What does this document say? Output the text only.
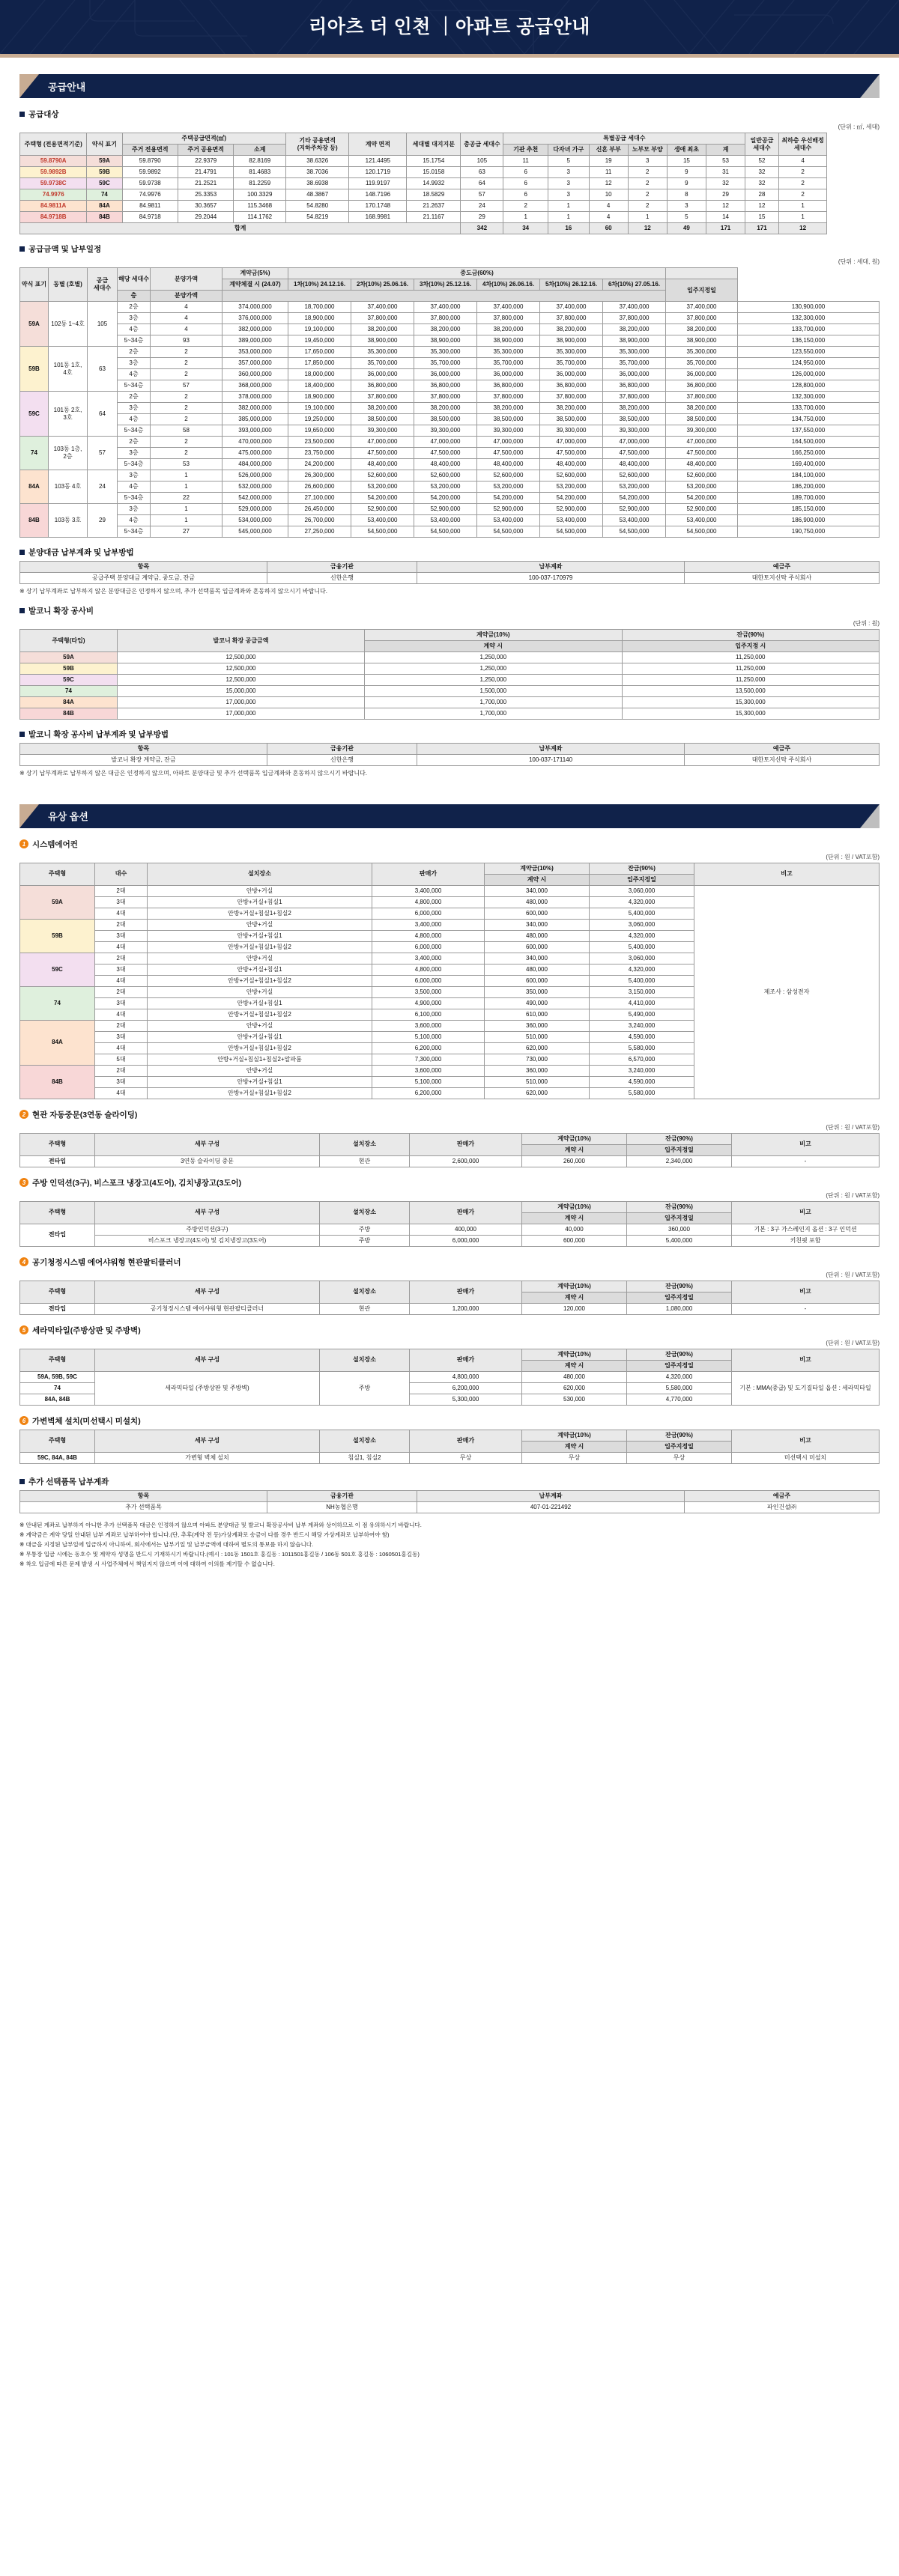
리아츠 더 인천 ｜아파트 공급안내
공급안내
공급대상
(단위 : ㎡, 세대)
주택형 (전용면적기준)	약식 표기	주택공급면적(㎡)			기타 공용면적 (지하주차장 등)	계약 면적	세대별 대지지분	총공급 세대수	특별공급 세대수						일반공급 세대수	최하층 우선배정 세대수
		주거 전용면적	주거 공용면적	소계					기관 추천	다자녀 가구	신혼 부부	노부모 부양	생애 최초	계		
59.8790A	59A	59.8790	22.9379	82.8169	38.6326	121.4495	15.1754	105	11	5	19	3	15	53	52	4
59.9892B	59B	59.9892	21.4791	81.4683	38.7036	120.1719	15.0158	63	6	3	11	2	9	31	32	2
59.9738C	59C	59.9738	21.2521	81.2259	38.6938	119.9197	14.9932	64	6	3	12	2	9	32	32	2
74.9976	74	74.9976	25.3353	100.3329	48.3867	148.7196	18.5829	57	6	3	10	2	8	29	28	2
84.9811A	84A	84.9811	30.3657	115.3468	54.8280	170.1748	21.2637	24	2	1	4	2	3	12	12	1
84.9718B	84B	84.9718	29.2044	114.1762	54.8219	168.9981	21.1167	29	1	1	4	1	5	14	15	1
합계								342	34	16	60	12	49	171	171	12
공급금액 및 납부일정
(단위 : 세대, 원)
약식 표기	동별 (호별)	공급 세대수	해당 세대수	분양가액	계약금(5%)	중도금(60%)							
					계약체결 시 (24.07)	1차(10%) 24.12.16.	2차(10%) 25.06.16.	3차(10%) 25.12.16.	4차(10%) 26.06.16.	5차(10%) 26.12.16.	6차(10%) 27.05.16.	입주지정일	
			층	분양가액									
59A	102동 1~4호	105	2층	4	374,000,000	18,700,000	37,400,000	37,400,000	37,400,000	37,400,000	37,400,000	37,400,000	130,900,000
			3층	4	376,000,000	18,900,000	37,800,000	37,800,000	37,800,000	37,800,000	37,800,000	37,800,000	132,300,000
			4층	4	382,000,000	19,100,000	38,200,000	38,200,000	38,200,000	38,200,000	38,200,000	38,200,000	133,700,000
			5~34층	93	389,000,000	19,450,000	38,900,000	38,900,000	38,900,000	38,900,000	38,900,000	38,900,000	136,150,000
59B	101동 1호, 4호	63	2층	2	353,000,000	17,650,000	35,300,000	35,300,000	35,300,000	35,300,000	35,300,000	35,300,000	123,550,000
			3층	2	357,000,000	17,850,000	35,700,000	35,700,000	35,700,000	35,700,000	35,700,000	35,700,000	124,950,000
			4층	2	360,000,000	18,000,000	36,000,000	36,000,000	36,000,000	36,000,000	36,000,000	36,000,000	126,000,000
			5~34층	57	368,000,000	18,400,000	36,800,000	36,800,000	36,800,000	36,800,000	36,800,000	36,800,000	128,800,000
59C	101동 2호, 3호	64	2층	2	378,000,000	18,900,000	37,800,000	37,800,000	37,800,000	37,800,000	37,800,000	37,800,000	132,300,000
			3층	2	382,000,000	19,100,000	38,200,000	38,200,000	38,200,000	38,200,000	38,200,000	38,200,000	133,700,000
			4층	2	385,000,000	19,250,000	38,500,000	38,500,000	38,500,000	38,500,000	38,500,000	38,500,000	134,750,000
			5~34층	58	393,000,000	19,650,000	39,300,000	39,300,000	39,300,000	39,300,000	39,300,000	39,300,000	137,550,000
74	103동 1층, 2층	57	2층	2	470,000,000	23,500,000	47,000,000	47,000,000	47,000,000	47,000,000	47,000,000	47,000,000	164,500,000
			3층	2	475,000,000	23,750,000	47,500,000	47,500,000	47,500,000	47,500,000	47,500,000	47,500,000	166,250,000
			5~34층	53	484,000,000	24,200,000	48,400,000	48,400,000	48,400,000	48,400,000	48,400,000	48,400,000	169,400,000
84A	103동 4호	24	3층	1	526,000,000	26,300,000	52,600,000	52,600,000	52,600,000	52,600,000	52,600,000	52,600,000	184,100,000
			4층	1	532,000,000	26,600,000	53,200,000	53,200,000	53,200,000	53,200,000	53,200,000	53,200,000	186,200,000
			5~34층	22	542,000,000	27,100,000	54,200,000	54,200,000	54,200,000	54,200,000	54,200,000	54,200,000	189,700,000
84B	103동 3호	29	3층	1	529,000,000	26,450,000	52,900,000	52,900,000	52,900,000	52,900,000	52,900,000	52,900,000	185,150,000
			4층	1	534,000,000	26,700,000	53,400,000	53,400,000	53,400,000	53,400,000	53,400,000	53,400,000	186,900,000
			5~34층	27	545,000,000	27,250,000	54,500,000	54,500,000	54,500,000	54,500,000	54,500,000	54,500,000	190,750,000
분양대금 납부계좌 및 납부방법
항목	금융기관	납부계좌	예금주
공급주택 분양대금 계약금, 중도금, 잔금	신한은행	100-037-170979	대한토지신탁 주식회사

※ 상기 납부계좌로 납부하지 않은 분양대금은 인정하지 않으며, 추가 선택품목 입금계좌와 혼동하지 않으시기 바랍니다.

발코니 확장 공사비
(단위 : 원)
주택형(타입)	발코니 확장 공급금액	계약금(10%)	잔금(90%)
		계약 시	입주지정 시
59A	12,500,000	1,250,000	11,250,000
59B	12,500,000	1,250,000	11,250,000
59C	12,500,000	1,250,000	11,250,000
74	15,000,000	1,500,000	13,500,000
84A	17,000,000	1,700,000	15,300,000
84B	17,000,000	1,700,000	15,300,000
발코니 확장 공사비 납부계좌 및 납부방법
항목	금융기관	납부계좌	예금주
발코니 확장 계약금, 잔금	신한은행	100-037-171140	대한토지신탁 주식회사

※ 상기 납부계좌로 납부하지 않은 대금은 인정하지 않으며, 아파트 분양대금 및 추가 선택품목 입금계좌와 혼동하지 않으시기 바랍니다.

유상 옵션
1 시스템에어컨
(단위 : 원 / VAT포함)
주택형	대수	설치장소	판매가	계약금(10%)	잔금(90%)	비고
				계약 시	입주지정일	
59A	2대	안방+거실	3,400,000	340,000	3,060,000	제조사 : 삼성전자
	3대	안방+거실+침실1	4,800,000	480,000	4,320,000	
	4대	안방+거실+침실1+침실2	6,000,000	600,000	5,400,000	
59B	2대	안방+거실	3,400,000	340,000	3,060,000	
	3대	안방+거실+침실1	4,800,000	480,000	4,320,000	
	4대	안방+거실+침실1+침실2	6,000,000	600,000	5,400,000	
59C	2대	안방+거실	3,400,000	340,000	3,060,000	
	3대	안방+거실+침실1	4,800,000	480,000	4,320,000	
	4대	안방+거실+침실1+침실2	6,000,000	600,000	5,400,000	
74	2대	안방+거실	3,500,000	350,000	3,150,000	
	3대	안방+거실+침실1	4,900,000	490,000	4,410,000	
	4대	안방+거실+침실1+침실2	6,100,000	610,000	5,490,000	
84A	2대	안방+거실	3,600,000	360,000	3,240,000	
	3대	안방+거실+침실1	5,100,000	510,000	4,590,000	
	4대	안방+거실+침실1+침실2	6,200,000	620,000	5,580,000	
	5대	안방+거실+침실1+침실2+알파룸	7,300,000	730,000	6,570,000	
84B	2대	안방+거실	3,600,000	360,000	3,240,000	
	3대	안방+거실+침실1	5,100,000	510,000	4,590,000	
	4대	안방+거실+침실1+침실2	6,200,000	620,000	5,580,000	
2 현관 자동중문(3연동 슬라이딩)
(단위 : 원 / VAT포함)
주택형	세부 구성	설치장소	판매가	계약금(10%)	잔금(90%)	비고
				계약 시	입주지정일	
전타입	3연동 슬라이딩 중문	현관	2,600,000	260,000	2,340,000	-
3 주방 인덕션(3구), 비스포크 냉장고(4도어), 김치냉장고(3도어)
(단위 : 원 / VAT포함)
주택형	세부 구성	설치장소	판매가	계약금(10%)	잔금(90%)	비고
				계약 시	입주지정일	
전타입	주방인덕션(3구)	주방	400,000	40,000	360,000	기본 : 3구 가스레인지 옵션 : 3구 인덕션
	비스포크 냉장고(4도어) 및 김치냉장고(3도어)	주방	6,000,000	600,000	5,400,000	키친핏 포함
4 공기청정시스템 에어샤워형 현관팔티클러너
(단위 : 원 / VAT포함)
주택형	세부 구성	설치장소	판매가	계약금(10%)	잔금(90%)	비고
				계약 시	입주지정일	
전타입	공기청정시스템 에어샤워형 현관팔티클러너	현관	1,200,000	120,000	1,080,000	-
5 세라믹타일(주방상판 및 주방벽)
(단위 : 원 / VAT포함)
주택형	세부 구성	설치장소	판매가	계약금(10%)	잔금(90%)	비고
				계약 시	입주지정일	
59A, 59B, 59C	세라믹타일 (주방상판 및 주방벽)	주방	4,800,000	480,000	4,320,000	기본 : MMA(중급) 및 도기질타일 옵션 : 세라믹타일
74			6,200,000	620,000	5,580,000	
84A, 84B			5,300,000	530,000	4,770,000	
6 가변벽체 설치(미선택시 미설치)
주택형	세부 구성	설치장소	판매가	계약금(10%)	잔금(90%)	비고
				계약 시	입주지정일	
59C, 84A, 84B	가변형 벽체 설치	침실1, 침실2	무상	무상	무상	미선택시 미설치
추가 선택품목 납부계좌
항목	금융기관	납부계좌	예금주
추가 선택품목	NH농협은행	407-01-221492	파인건설㈜

※ 안내된 계좌로 납부하지 아니한 추가 선택품목 대금은 인정하지 않으며 아파트 분양대금 및 발코니 확장공사비 납부 계좌와 상이하므로 이 점 유의하시기 바랍니다.

※ 계약금은 계약 당일 안내된 납부 계좌로 납부하여야 합니다.(단, 추후(계약 전 등)가상계좌로 송금이 다를 경우 반드시 해당 가상계좌로 납부하여야 함)

※ 대금을 지정된 납부일에 입금하지 아니하여, 회사에서는 납부기일 및 납부금액에 대하여 별도의 통보를 하지 않습니다.

※ 무통장 입금 시에는 동호수 및 계약자 성명을 반드시 기재하시기 바랍니다.(예시 : 101동 1501호 홍길동 : 1011501홍길동 / 106동 501호 홍길동 : 1060501홍길동)

※ 착오 입금에 따른 문제 발생 시 사업주체에서 책임지지 않으며 이에 대하여 이의를 제기할 수 없습니다.
